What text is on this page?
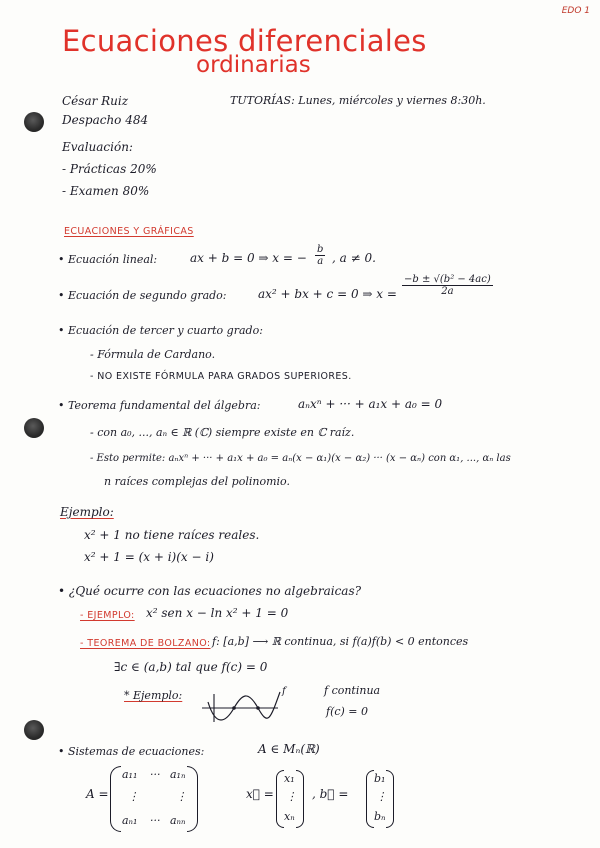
EDO 1
Ecuaciones diferenciales
ordinarias
César Ruiz	TUTORÍAS: Lunes, miércoles y viernes 8:30h.
Despacho 484
Evaluación:
- Prácticas 20%
- Examen 80%
ECUACIONES Y GRÁFICAS
• Ecuación lineal:	ax + b = 0 ⇒ x = − $\frac{b}{a}$ , a ≠ 0.
• Ecuación de segundo grado:	ax² + bx + c = 0 ⇒ $x = \frac{\text{−b ± √(b² − 4ac)}}{2a}$
• Ecuación de tercer y cuarto grado:
- Fórmula de Cardano.
- NO EXISTE FÓRMULA PARA GRADOS SUPERIORES.
• Teorema fundamental del álgebra:	aₙxⁿ + ··· + a₁x + a₀ = 0
- con a₀, ..., aₙ ∈ ℝ (ℂ) siempre existe en ℂ raíz.
- Esto permite: aₙxⁿ + ··· + a₁x + a₀ = aₙ(x − α₁)(x − α₂) ··· (x − αₙ) con α₁, ..., αₙ las
n raíces complejas del polinomio.
Ejemplo:
x² + 1 no tiene raíces reales.
x² + 1 = (x + i)(x − i)
• ¿Qué ocurre con las ecuaciones no algebraicas?
- EJEMPLO: x² sen x − ln x² + 1 = 0
- TEOREMA DE BOLZANO: f: [a,b] ⟶ ℝ continua, si f(a)f(b) < 0 entonces
∃c ∈ (a,b) tal que f(c) = 0
* Ejemplo:	f	f continua
f(c) = 0
• Sistemas de ecuaciones:	A ∈ Mₙ(ℝ)
A =
a₁₁ ··· a₁ₙ
⋮	⋮
aₙ₁ ··· aₙₙ
x⃗ =
x₁
⋮
xₙ
, b⃗ =
b₁
⋮
bₙ
